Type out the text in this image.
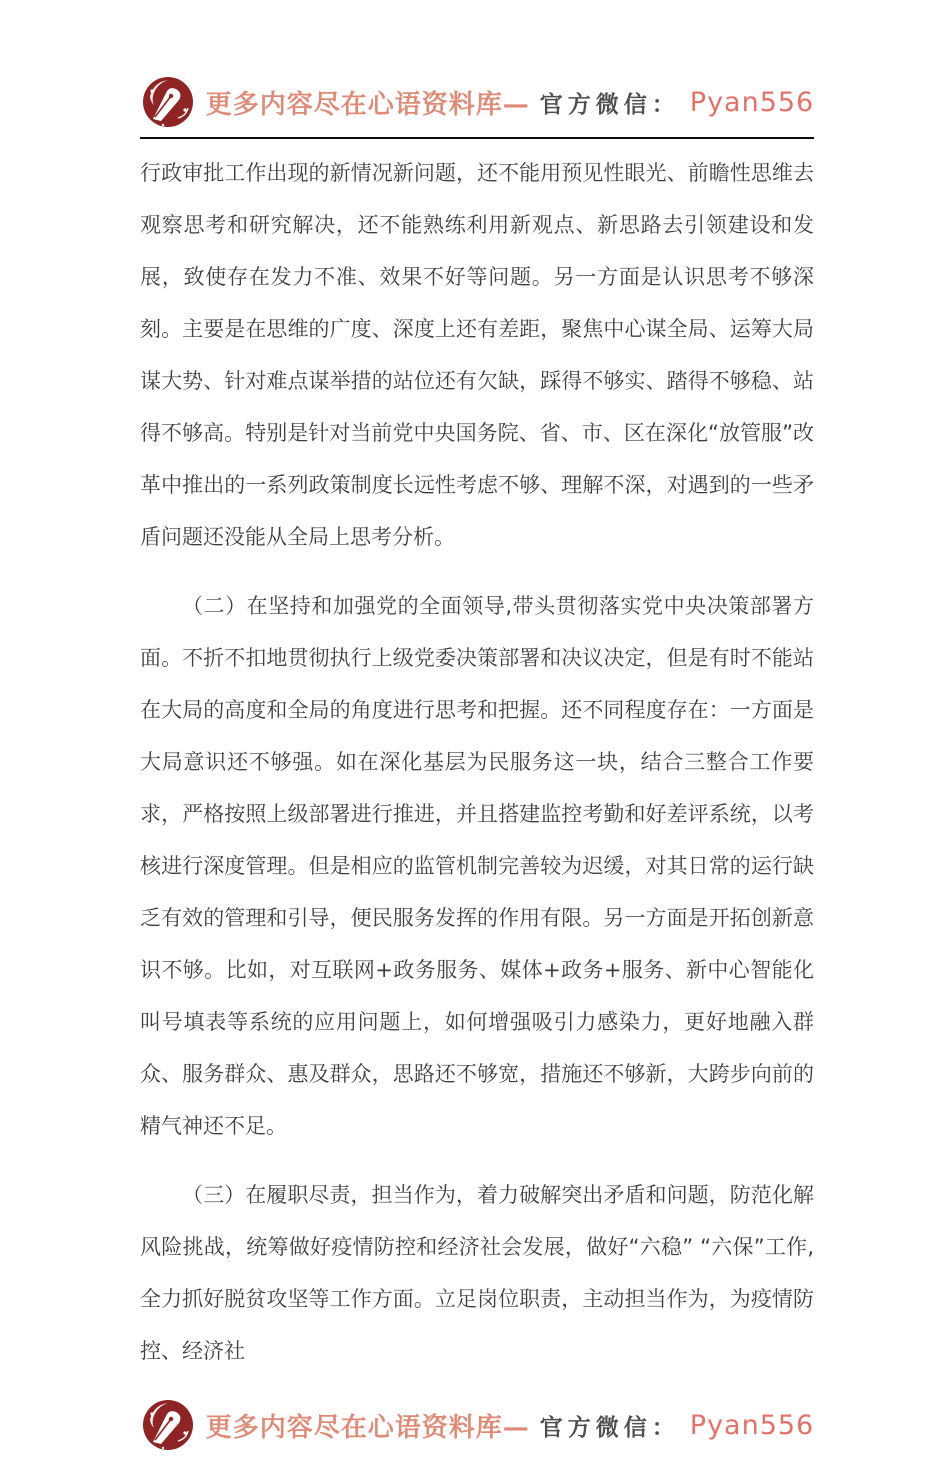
更多内容尽在心语资料库— 官方微信： Pyan556

行政审批工作出现的新情况新问题，还不能用预见性眼光、前瞻性思维去观察思考和研究解决，还不能熟练利用新观点、新思路去引领建设和发展，致使存在发力不准、效果不好等问题。另一方面是认识思考不够深刻。主要是在思维的广度、深度上还有差距，聚焦中心谋全局、运筹大局谋大势、针对难点谋举措的站位还有欠缺，踩得不够实、踏得不够稳、站得不够高。特别是针对当前党中央国务院、省、市、区在深化“放管服”改革中推出的一系列政策制度长远性考虑不够、理解不深，对遇到的一些矛盾问题还没能从全局上思考分析。

（二）在坚持和加强党的全面领导,带头贯彻落实党中央决策部署方面。不折不扣地贯彻执行上级党委决策部署和决议决定，但是有时不能站在大局的高度和全局的角度进行思考和把握。还不同程度存在：一方面是大局意识还不够强。如在深化基层为民服务这一块，结合三整合工作要求，严格按照上级部署进行推进，并且搭建监控考勤和好差评系统，以考核进行深度管理。但是相应的监管机制完善较为迟缓，对其日常的运行缺乏有效的管理和引导，便民服务发挥的作用有限。另一方面是开拓创新意识不够。比如，对互联网+政务服务、媒体+政务+服务、新中心智能化叫号填表等系统的应用问题上，如何增强吸引力感染力，更好地融入群众、服务群众、惠及群众，思路还不够宽，措施还不够新，大跨步向前的精气神还不足。

（三）在履职尽责，担当作为，着力破解突出矛盾和问题，防范化解风险挑战，统筹做好疫情防控和经济社会发展，做好“六稳” “六保”工作,全力抓好脱贫攻坚等工作方面。立足岗位职责，主动担当作为，为疫情防控、经济社

更多内容尽在心语资料库— 官方微信： Pyan556
